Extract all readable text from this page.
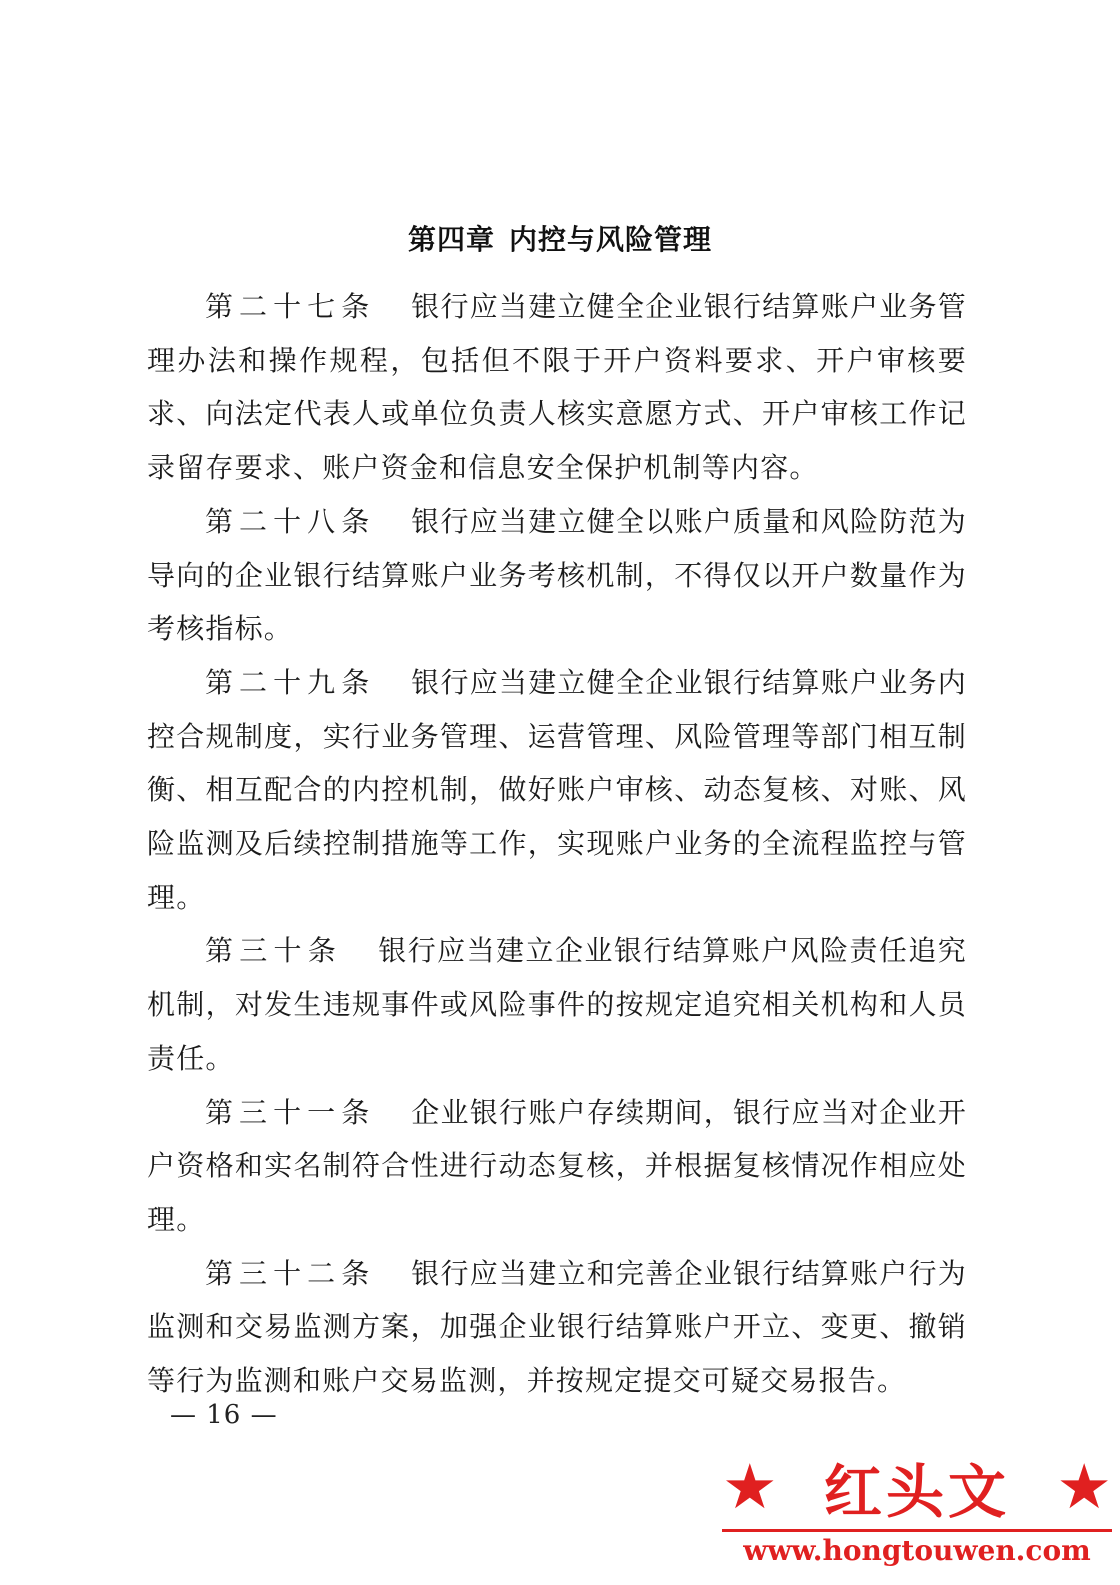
第四章 内控与风险管理

第二十七条 银行应当建立健全企业银行结算账户业务管理办法和操作规程，包括但不限于开户资料要求、开户审核要求、向法定代表人或单位负责人核实意愿方式、开户审核工作记录留存要求、账户资金和信息安全保护机制等内容。

第二十八条 银行应当建立健全以账户质量和风险防范为导向的企业银行结算账户业务考核机制，不得仅以开户数量作为考核指标。

第二十九条 银行应当建立健全企业银行结算账户业务内控合规制度，实行业务管理、运营管理、风险管理等部门相互制衡、相互配合的内控机制，做好账户审核、动态复核、对账、风险监测及后续控制措施等工作，实现账户业务的全流程监控与管理。

第三十条 银行应当建立企业银行结算账户风险责任追究机制，对发生违规事件或风险事件的按规定追究相关机构和人员责任。

第三十一条 企业银行账户存续期间，银行应当对企业开户资格和实名制符合性进行动态复核，并根据复核情况作相应处理。

第三十二条 银行应当建立和完善企业银行结算账户行为监测和交易监测方案，加强企业银行结算账户开立、变更、撤销等行为监测和账户交易监测，并按规定提交可疑交易报告。

— 16 —
★ 红头文 ★
www.hongtouwen.com
